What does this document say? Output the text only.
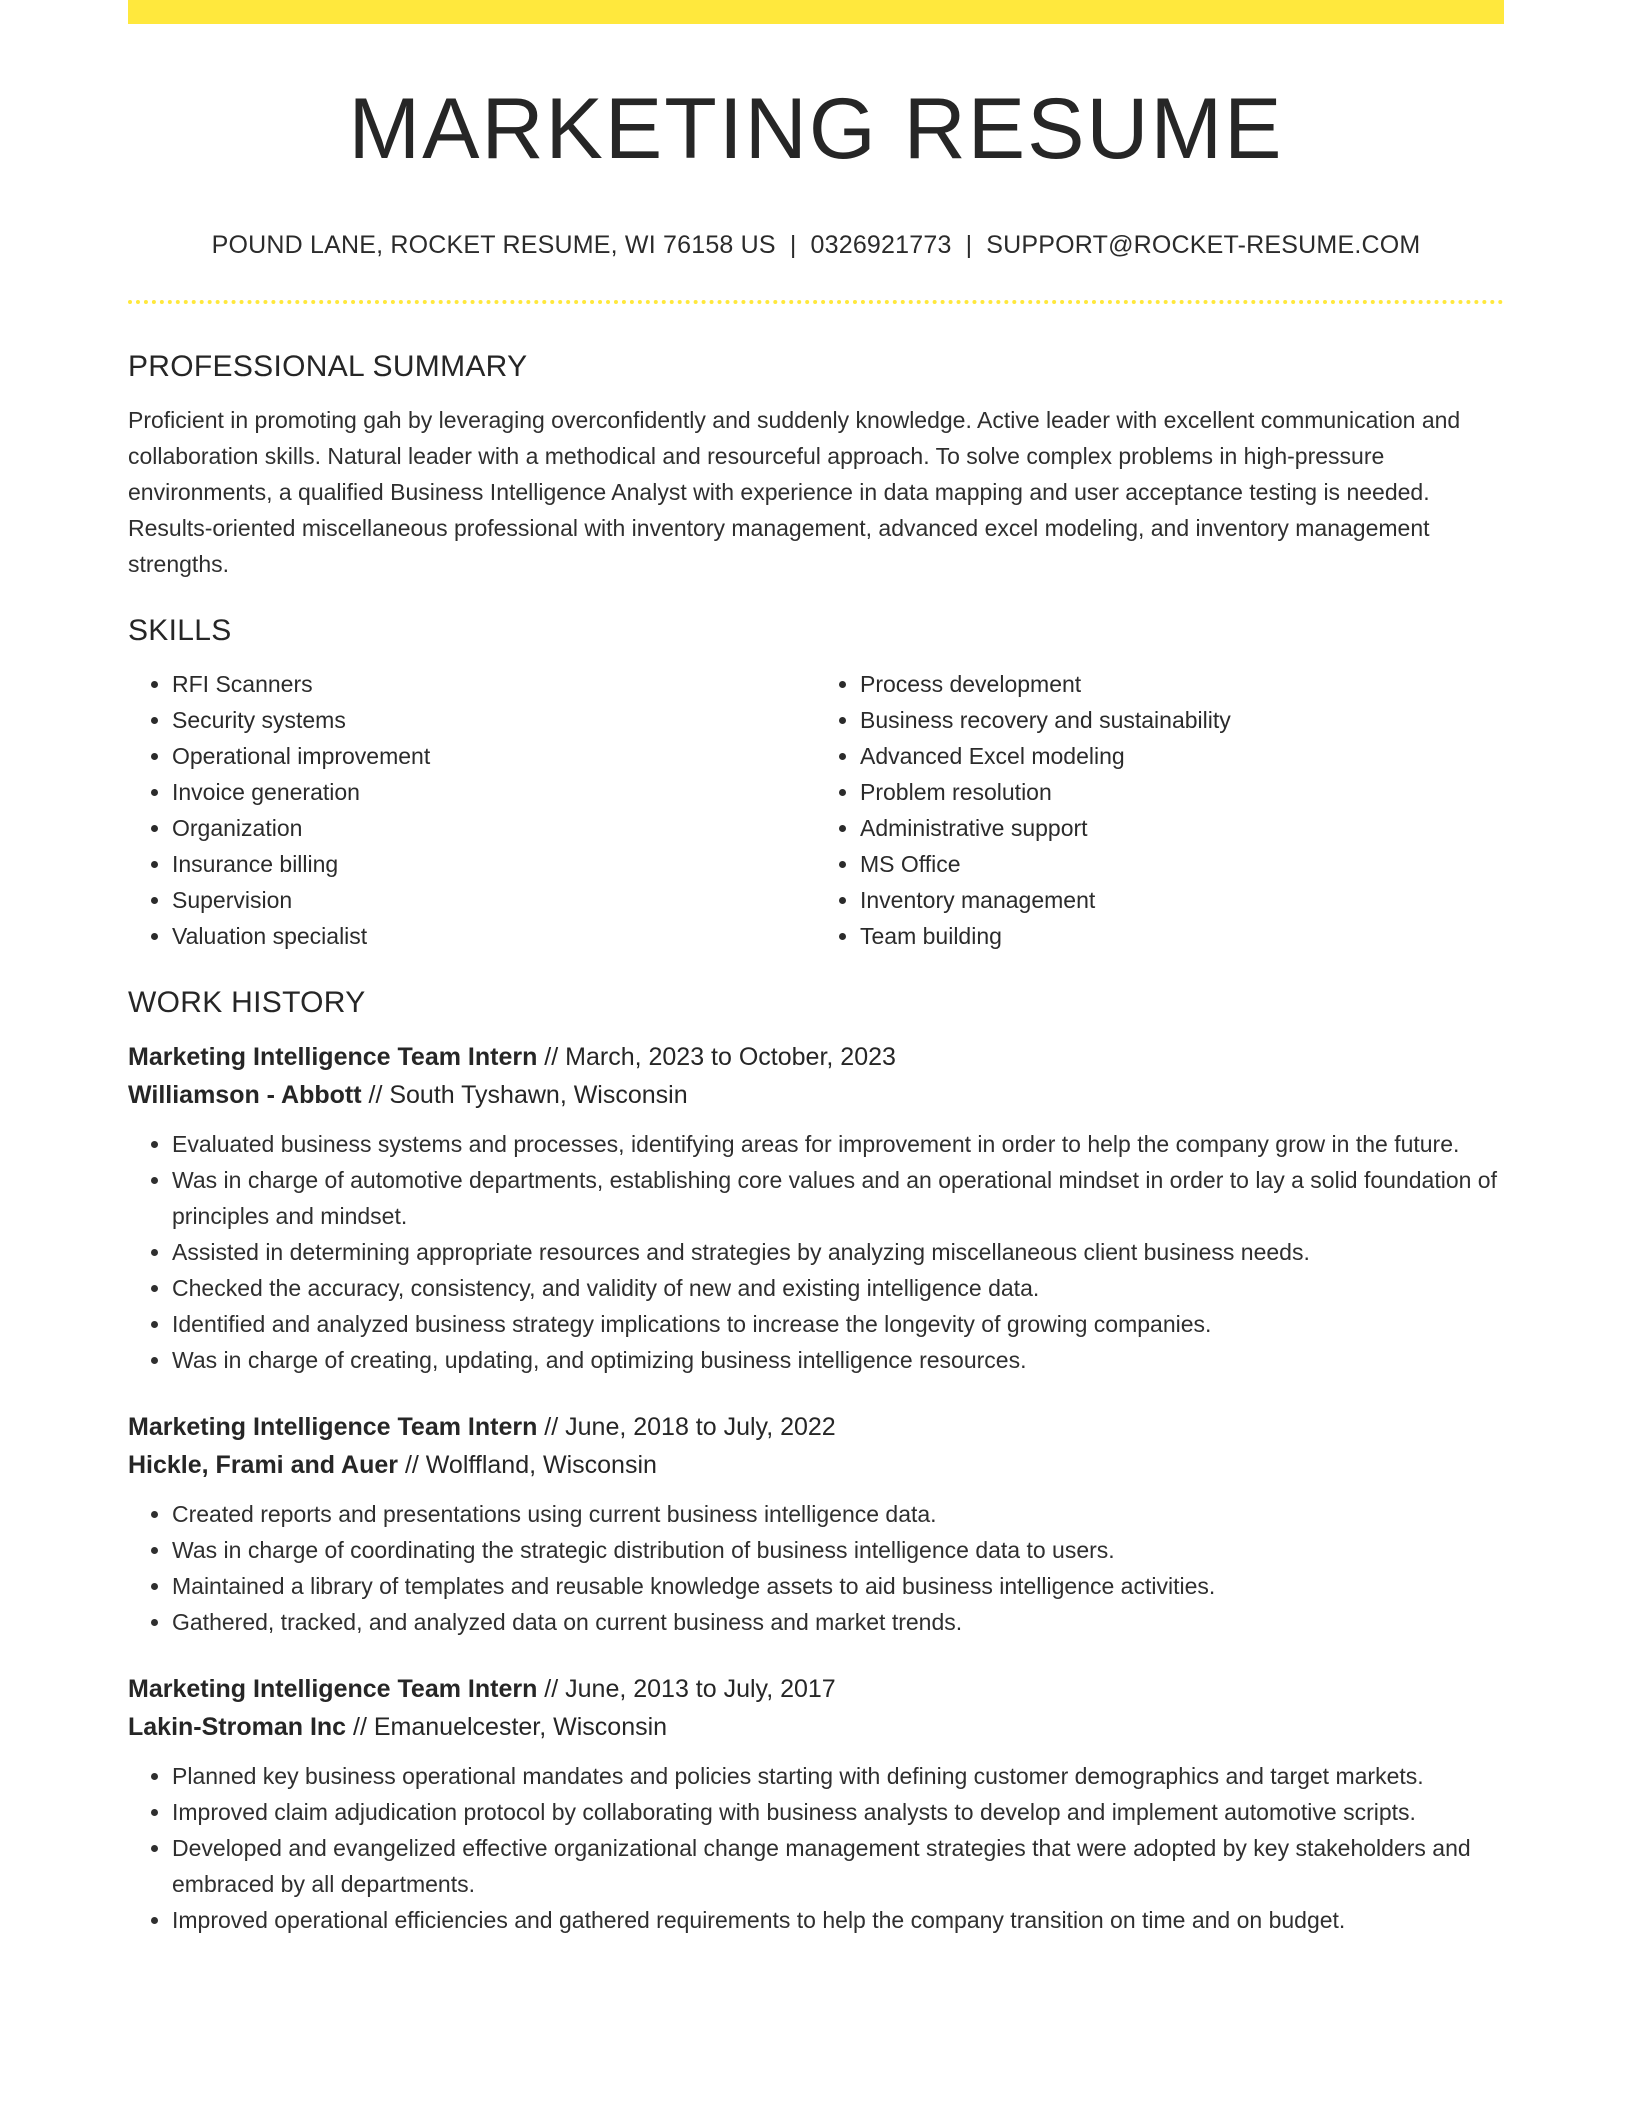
MARKETING RESUME
POUND LANE, ROCKET RESUME, WI 76158 US | 0326921773 | SUPPORT@ROCKET-RESUME.COM
PROFESSIONAL SUMMARY
Proficient in promoting gah by leveraging overconfidently and suddenly knowledge. Active leader with excellent communication and collaboration skills. Natural leader with a methodical and resourceful approach. To solve complex problems in high-pressure environments, a qualified Business Intelligence Analyst with experience in data mapping and user acceptance testing is needed. Results-oriented miscellaneous professional with inventory management, advanced excel modeling, and inventory management strengths.
SKILLS
• RFI Scanners
• Security systems
• Operational improvement
• Invoice generation
• Organization
• Insurance billing
• Supervision
• Valuation specialist
• Process development
• Business recovery and sustainability
• Advanced Excel modeling
• Problem resolution
• Administrative support
• MS Office
• Inventory management
• Team building
WORK HISTORY
Marketing Intelligence Team Intern // March, 2023 to October, 2023
Williamson - Abbott // South Tyshawn, Wisconsin
• Evaluated business systems and processes, identifying areas for improvement in order to help the company grow in the future.
• Was in charge of automotive departments, establishing core values and an operational mindset in order to lay a solid foundation of principles and mindset.
• Assisted in determining appropriate resources and strategies by analyzing miscellaneous client business needs.
• Checked the accuracy, consistency, and validity of new and existing intelligence data.
• Identified and analyzed business strategy implications to increase the longevity of growing companies.
• Was in charge of creating, updating, and optimizing business intelligence resources.
Marketing Intelligence Team Intern // June, 2018 to July, 2022
Hickle, Frami and Auer // Wolffland, Wisconsin
• Created reports and presentations using current business intelligence data.
• Was in charge of coordinating the strategic distribution of business intelligence data to users.
• Maintained a library of templates and reusable knowledge assets to aid business intelligence activities.
• Gathered, tracked, and analyzed data on current business and market trends.
Marketing Intelligence Team Intern // June, 2013 to July, 2017
Lakin-Stroman Inc // Emanuelcester, Wisconsin
• Planned key business operational mandates and policies starting with defining customer demographics and target markets.
• Improved claim adjudication protocol by collaborating with business analysts to develop and implement automotive scripts.
• Developed and evangelized effective organizational change management strategies that were adopted by key stakeholders and embraced by all departments.
• Improved operational efficiencies and gathered requirements to help the company transition on time and on budget.
